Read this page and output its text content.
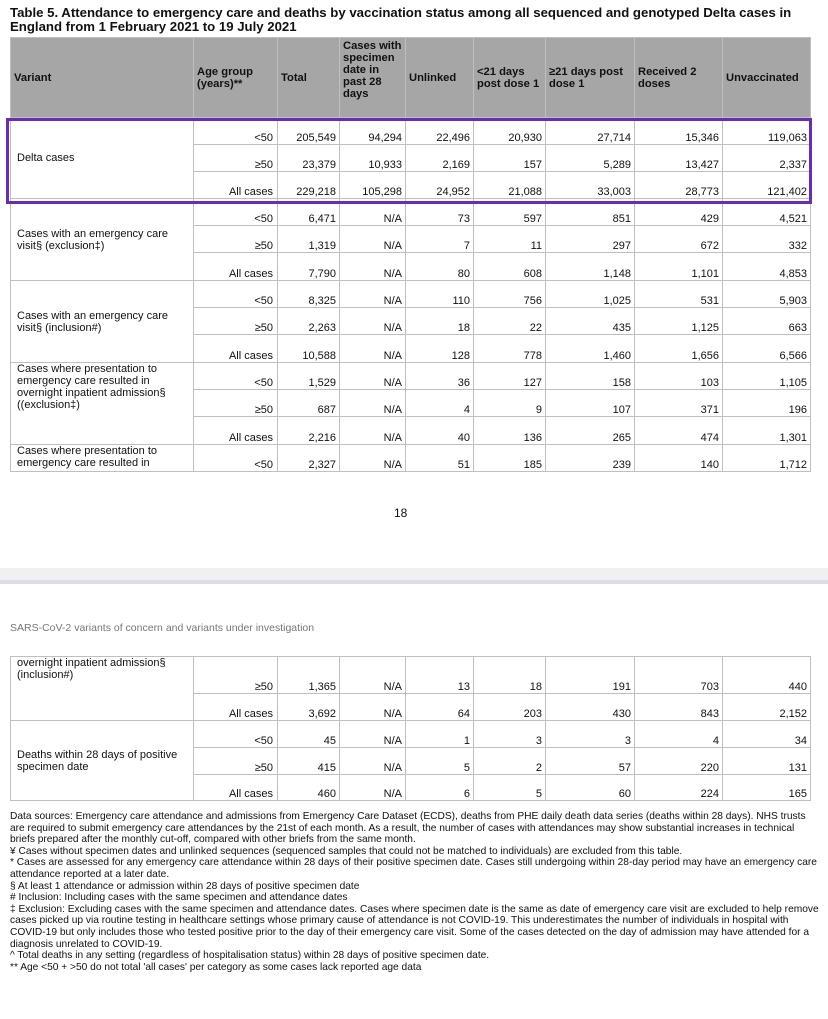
Table 5. Attendance to emergency care and deaths by vaccination status among all sequenced and genotyped Delta cases in England from 1 February 2021 to 19 July 2021
Variant	Age group (years)**	Total	Cases with specimen date in past 28 days	Unlinked	<21 days post dose 1	≥21 days post dose 1	Received 2 doses	Unvaccinated
Delta cases	<50	205,549	94,294	22,496	20,930	27,714	15,346	119,063
	≥50	23,379	10,933	2,169	157	5,289	13,427	2,337
	All cases	229,218	105,298	24,952	21,088	33,003	28,773	121,402
Cases with an emergency care visit§ (exclusion‡)	<50	6,471	N/A	73	597	851	429	4,521
	≥50	1,319	N/A	7	11	297	672	332
	All cases	7,790	N/A	80	608	1,148	1,101	4,853
Cases with an emergency care visit§ (inclusion#)	<50	8,325	N/A	110	756	1,025	531	5,903
	≥50	2,263	N/A	18	22	435	1,125	663
	All cases	10,588	N/A	128	778	1,460	1,656	6,566
Cases where presentation to emergency care resulted in overnight inpatient admission§ ((exclusion‡)	<50	1,529	N/A	36	127	158	103	1,105
	≥50	687	N/A	4	9	107	371	196
	All cases	2,216	N/A	40	136	265	474	1,301
Cases where presentation to emergency care resulted in	<50	2,327	N/A	51	185	239	140	1,712
18
SARS-CoV-2 variants of concern and variants under investigation
overnight inpatient admission§ (inclusion#)	≥50	1,365	N/A	13	18	191	703	440
	All cases	3,692	N/A	64	203	430	843	2,152
Deaths within 28 days of positive specimen date	<50	45	N/A	1	3	3	4	34
	≥50	415	N/A	5	2	57	220	131
	All cases	460	N/A	6	5	60	224	165
Data sources: Emergency care attendance and admissions from Emergency Care Dataset (ECDS), deaths from PHE daily death data series (deaths within 28 days). NHS trusts are required to submit emergency care attendances by the 21st of each month. As a result, the number of cases with attendances may show substantial increases in technical briefs prepared after the monthly cut-off, compared with other briefs from the same month.
¥ Cases without specimen dates and unlinked sequences (sequenced samples that could not be matched to individuals) are excluded from this table.
* Cases are assessed for any emergency care attendance within 28 days of their positive specimen date. Cases still undergoing within 28-day period may have an emergency care attendance reported at a later date.
§ At least 1 attendance or admission within 28 days of positive specimen date
# Inclusion: Including cases with the same specimen and attendance dates
‡ Exclusion: Excluding cases with the same specimen and attendance dates. Cases where specimen date is the same as date of emergency care visit are excluded to help remove cases picked up via routine testing in healthcare settings whose primary cause of attendance is not COVID-19. This underestimates the number of individuals in hospital with COVID-19 but only includes those who tested positive prior to the day of their emergency care visit. Some of the cases detected on the day of admission may have attended for a diagnosis unrelated to COVID-19.
^ Total deaths in any setting (regardless of hospitalisation status) within 28 days of positive specimen date.
** Age <50 + >50 do not total 'all cases' per category as some cases lack reported age data
